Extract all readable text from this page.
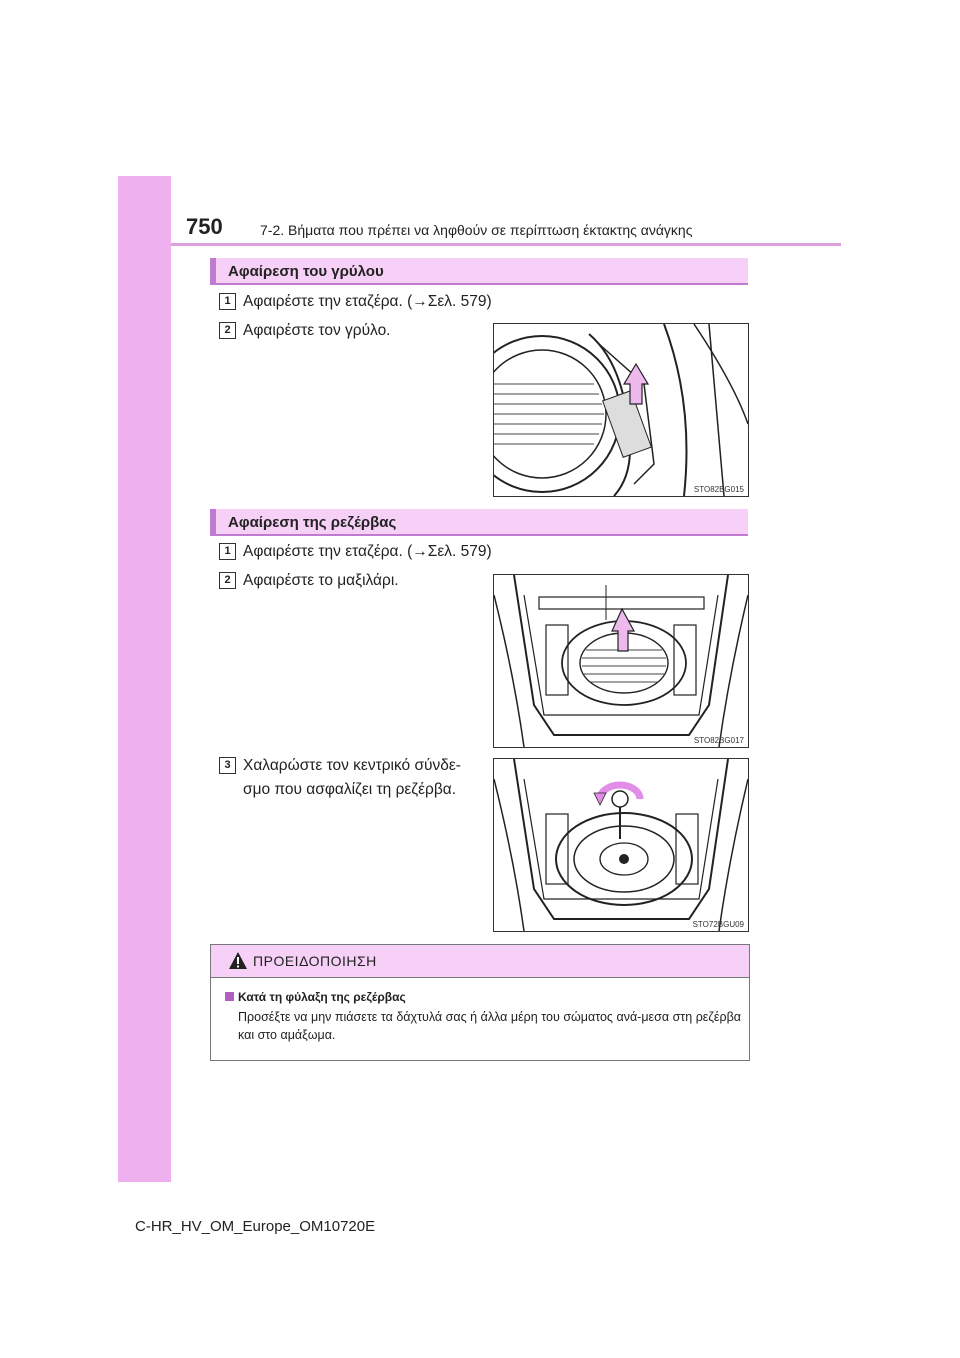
750	7-2. Βήματα που πρέπει να ληφθούν σε περίπτωση έκτακτης ανάγκης
Αφαίρεση του γρύλου
1 Αφαιρέστε την εταζέρα. (→Σελ. 579)
2 Αφαιρέστε τον γρύλο.
STO82BG015
Αφαίρεση της ρεζέρβας
1 Αφαιρέστε την εταζέρα. (→Σελ. 579)
2 Αφαιρέστε το μαξιλάρι.
STO82BG017
3 Χαλαρώστε τον κεντρικό σύνδε-
σμο που ασφαλίζει τη ρεζέρβα.
STO72BGU09
ΠΡΟΕΙΔΟΠΟΙΗΣΗ
Κατά τη φύλαξη της ρεζέρβας
Προσέξτε να μην πιάσετε τα δάχτυλά σας ή άλλα μέρη του σώματος ανά-μεσα στη ρεζέρβα και στο αμάξωμα.
C-HR_HV_OM_Europe_OM10720E
